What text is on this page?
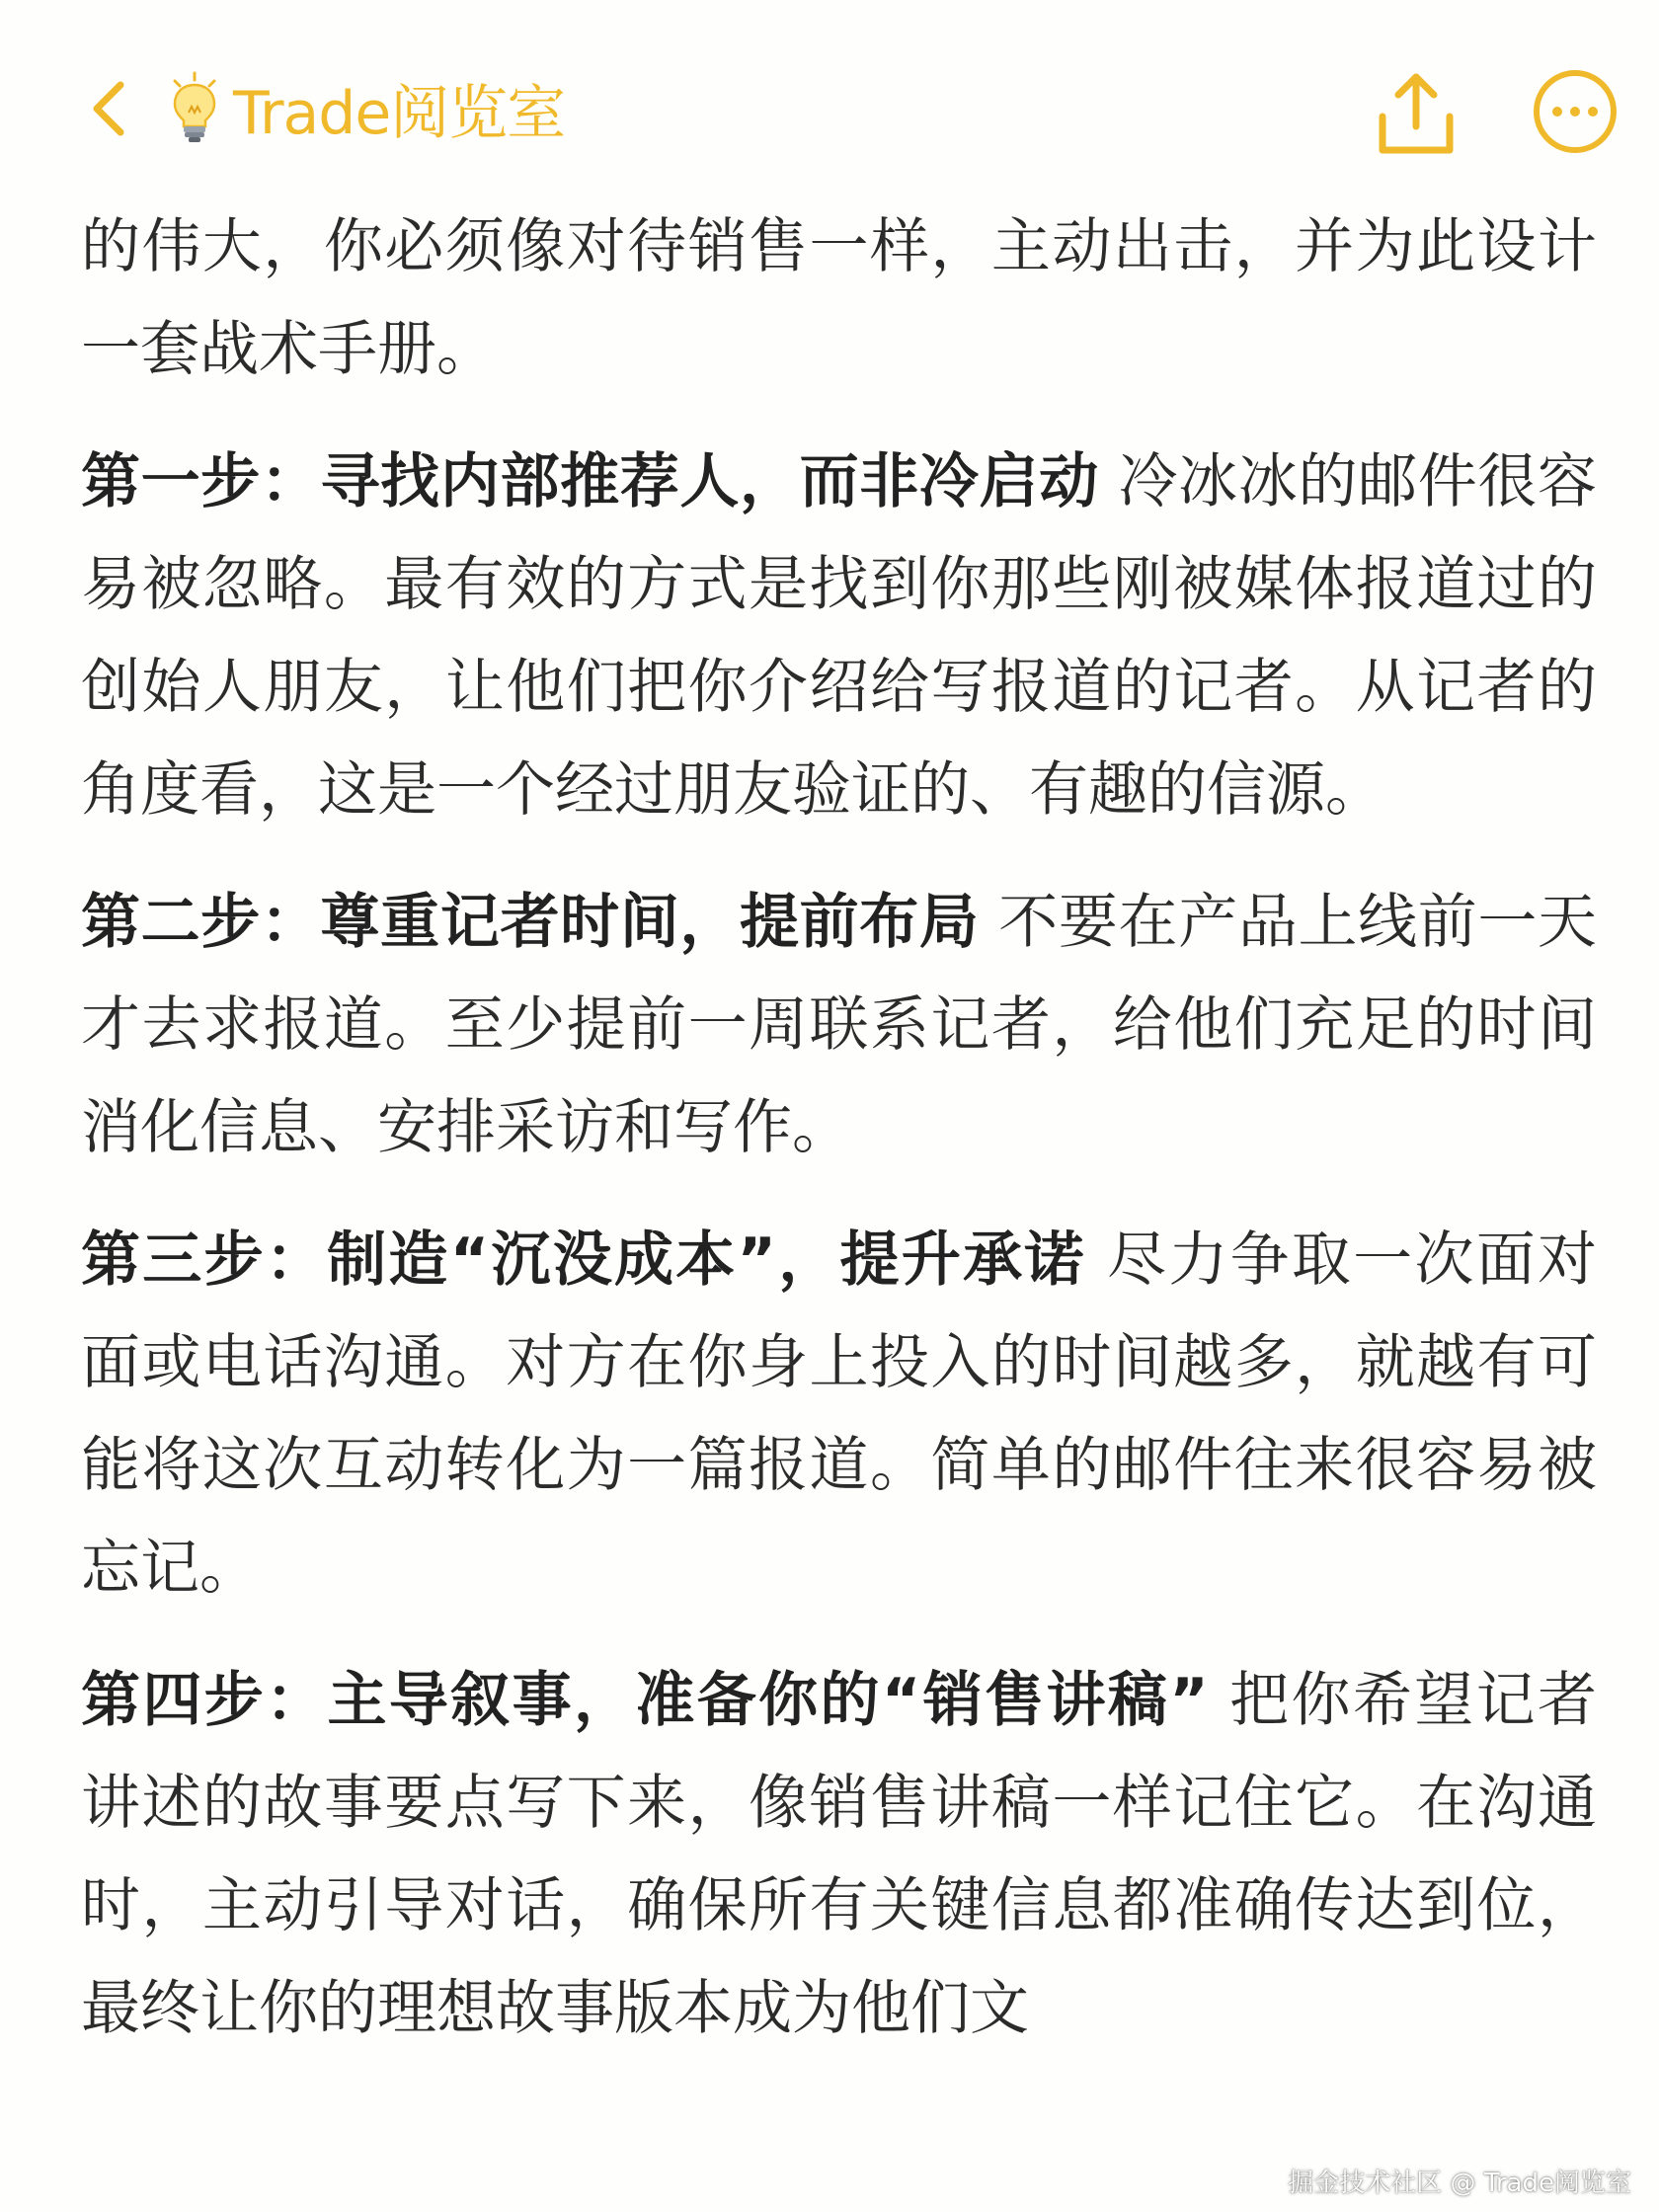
Trade阅览室

的伟大，你必须像对待销售一样，主动出击，并为此设计一套战术手册。

第一步：寻找内部推荐人，而非冷启动 冷冰冰的邮件很容易被忽略。最有效的方式是找到你那些刚被媒体报道过的创始人朋友，让他们把你介绍给写报道的记者。从记者的角度看，这是一个经过朋友验证的、有趣的信源。

第二步：尊重记者时间，提前布局 不要在产品上线前一天才去求报道。至少提前一周联系记者，给他们充足的时间消化信息、安排采访和写作。

第三步：制造“沉没成本”，提升承诺 尽力争取一次面对面或电话沟通。对方在你身上投入的时间越多，就越有可能将这次互动转化为一篇报道。简单的邮件往来很容易被忘记。

第四步：主导叙事，准备你的“销售讲稿” 把你希望记者讲述的故事要点写下来，像销售讲稿一样记住它。在沟通时，主动引导对话，确保所有关键信息都准确传达到位，最终让你的理想故事版本成为他们文

掘金技术社区 @ Trade阅览室
